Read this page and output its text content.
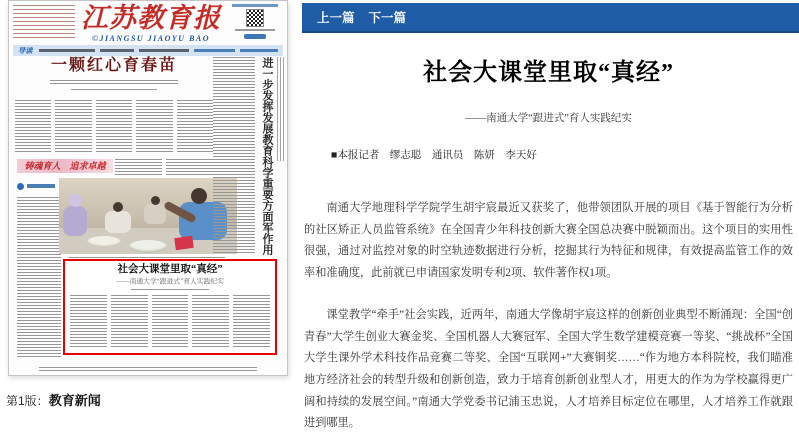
江苏教育报
©JIANGSU JIAOYU BAO
导读
一颗红心育春苗
铸魂育人　追求卓越	进一步发挥发展教育科学重要方面军作用
社会大课堂里取“真经”
——南通大学“跟进式”育人实践纪实
第1版：教育新闻
上一篇 下一篇
社会大课堂里取“真经”
——南通大学“跟进式”育人实践纪实
■本报记者　缪志聪　通讯员　陈妍　李天好

南通大学地理科学学院学生胡宇宸最近又获奖了，他带领团队开展的项目《基于智能行为分析的社区矫正人员监管系统》在全国青少年科技创新大赛全国总决赛中脱颖而出。这个项目的实用性很强，通过对监控对象的时空轨迹数据进行分析，挖掘其行为特征和规律，有效提高监管工作的效率和准确度，此前就已申请国家发明专利2项、软件著作权1项。

课堂教学“牵手”社会实践，近两年，南通大学像胡宇宸这样的创新创业典型不断涌现：全国“创青春”大学生创业大赛金奖、全国机器人大赛冠军、全国大学生数学建模竞赛一等奖、“挑战杯”全国大学生课外学术科技作品竞赛二等奖、全国“互联网+”大赛铜奖……“作为地方本科院校，我们瞄准地方经济社会的转型升级和创新创造，致力于培育创新创业型人才，用更大的作为为学校赢得更广阔和持续的发展空间。”南通大学党委书记浦玉忠说，人才培养目标定位在哪里，人才培养工作就跟进到哪里。
